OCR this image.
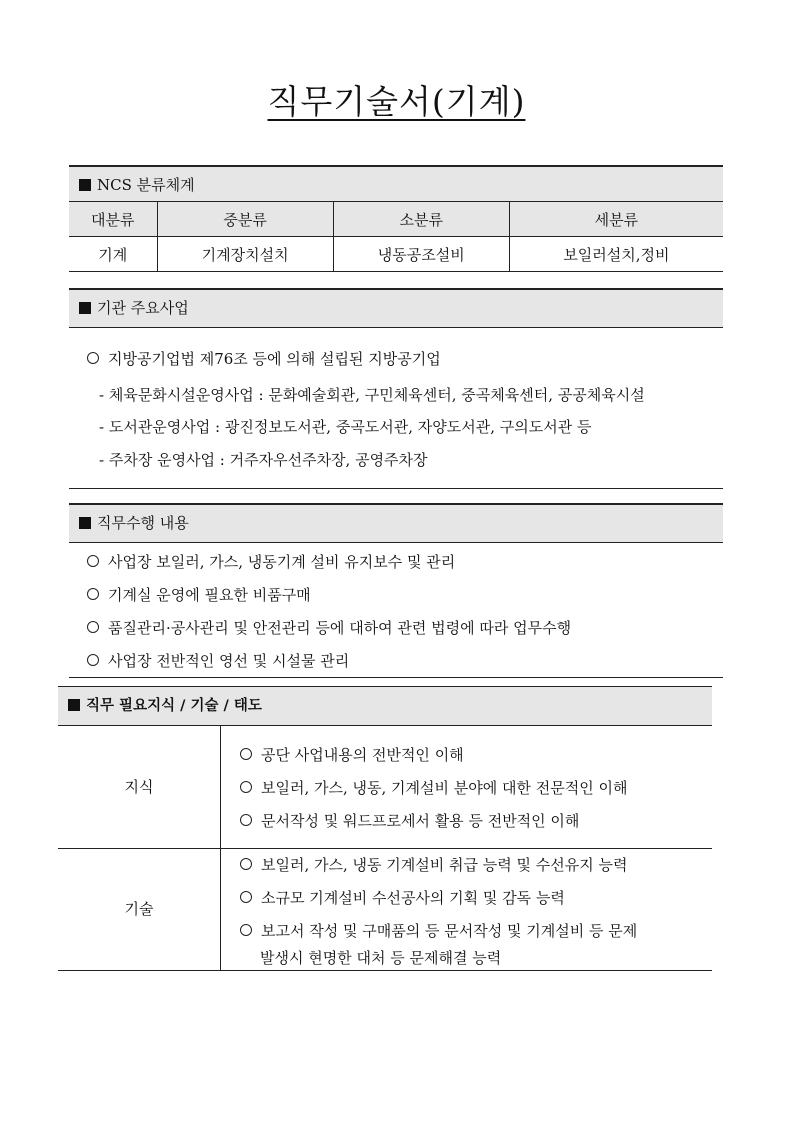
직무기술서(기계)
NCS 분류체계
대분류	중분류	소분류	세분류
기계	기계장치설치	냉동공조설비	보일러설치,정비
기관 주요사업
지방공기업법 제76조 등에 의해 설립된 지방공기업
- 체육문화시설운영사업 : 문화예술회관, 구민체육센터, 중곡체육센터, 공공체육시설
- 도서관운영사업 : 광진정보도서관, 중곡도서관, 자양도서관, 구의도서관 등
- 주차장 운영사업 : 거주자우선주차장, 공영주차장
직무수행 내용
사업장 보일러, 가스, 냉동기계 설비 유지보수 및 관리
기계실 운영에 필요한 비품구매
품질관리·공사관리 및 안전관리 등에 대하여 관련 법령에 따라 업무수행
사업장 전반적인 영선 및 시설물 관리
직무 필요지식 / 기술 / 태도
지식
공단 사업내용의 전반적인 이해
보일러, 가스, 냉동, 기계설비 분야에 대한 전문적인 이해
문서작성 및 워드프로세서 활용 등 전반적인 이해
기술
보일러, 가스, 냉동 기계설비 취급 능력 및 수선유지 능력
소규모 기계설비 수선공사의 기획 및 감독 능력
보고서 작성 및 구매품의 등 문서작성 및 기계설비 등 문제
발생시 현명한 대처 등 문제해결 능력
